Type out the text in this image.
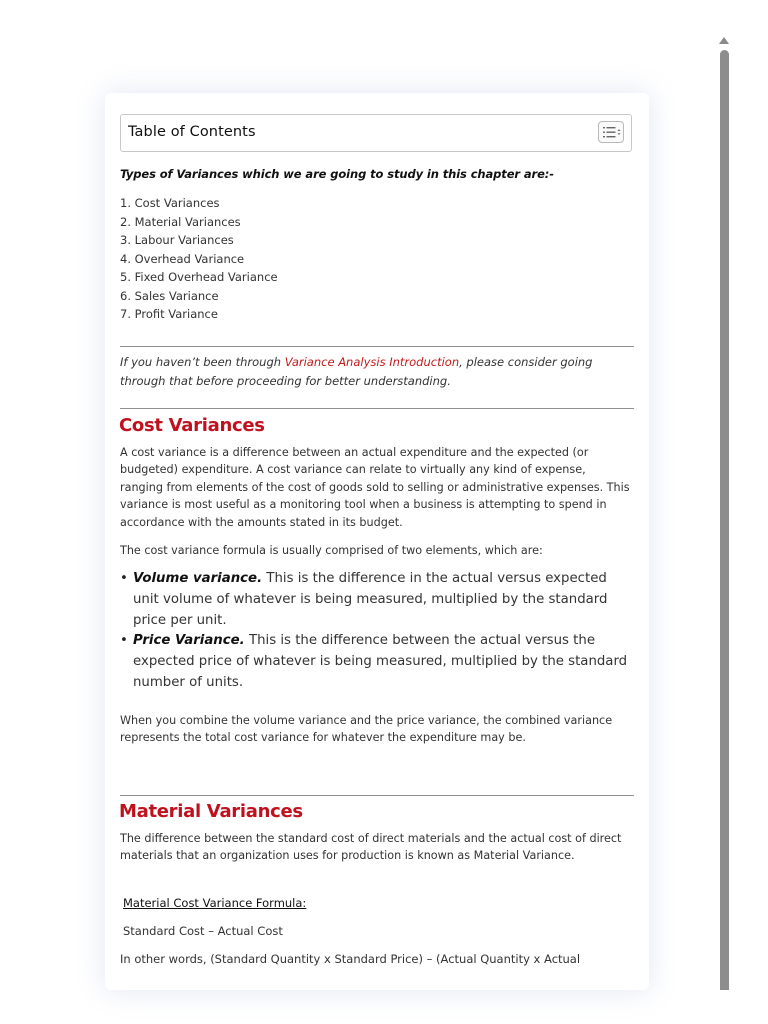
Table of Contents
Types of Variances which we are going to study in this chapter are:-
1. Cost Variances
2. Material Variances
3. Labour Variances
4. Overhead Variance
5. Fixed Overhead Variance
6. Sales Variance
7. Profit Variance
If you haven’t been through Variance Analysis Introduction, please consider going through that before proceeding for better understanding.
Cost Variances

A cost variance is a difference between an actual expenditure and the expected (or budgeted) expenditure. A cost variance can relate to virtually any kind of expense, ranging from elements of the cost of goods sold to selling or administrative expenses. This variance is most useful as a monitoring tool when a business is attempting to spend in accordance with the amounts stated in its budget.

The cost variance formula is usually comprised of two elements, which are:

• Volume variance. This is the difference in the actual versus expected unit volume of whatever is being measured, multiplied by the standard price per unit.
• Price Variance. This is the difference between the actual versus the expected price of whatever is being measured, multiplied by the standard number of units.

When you combine the volume variance and the price variance, the combined variance represents the total cost variance for whatever the expenditure may be.

Material Variances

The difference between the standard cost of direct materials and the actual cost of direct materials that an organization uses for production is known as Material Variance.

Material Cost Variance Formula:

Standard Cost – Actual Cost

In other words, (Standard Quantity x Standard Price) – (Actual Quantity x Actual
